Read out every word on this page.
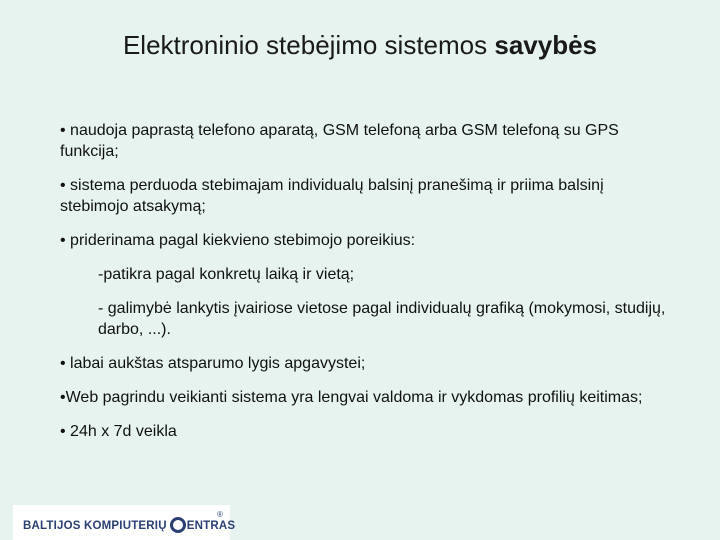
Elektroninio stebėjimo sistemos savybės
• naudoja paprastą telefono aparatą, GSM telefoną arba GSM telefoną su GPS funkcija;
• sistema perduoda stebimajam individualų balsinį pranešimą ir priima balsinį stebimojo atsakymą;
• priderinama pagal kiekvieno stebimojo poreikius:
-patikra pagal konkretų laiką ir vietą;
- galimybė lankytis įvairiose vietose pagal individualų grafiką (mokymosi, studijų, darbo, ...).
• labai aukštas atsparumo lygis apgavystei;
•Web pagrindu veikianti sistema yra lengvai valdoma ir vykdomas profilių keitimas;
• 24h x 7d veikla
BALTIJOS KOMPIUTERIŲ ENTRAS
®
